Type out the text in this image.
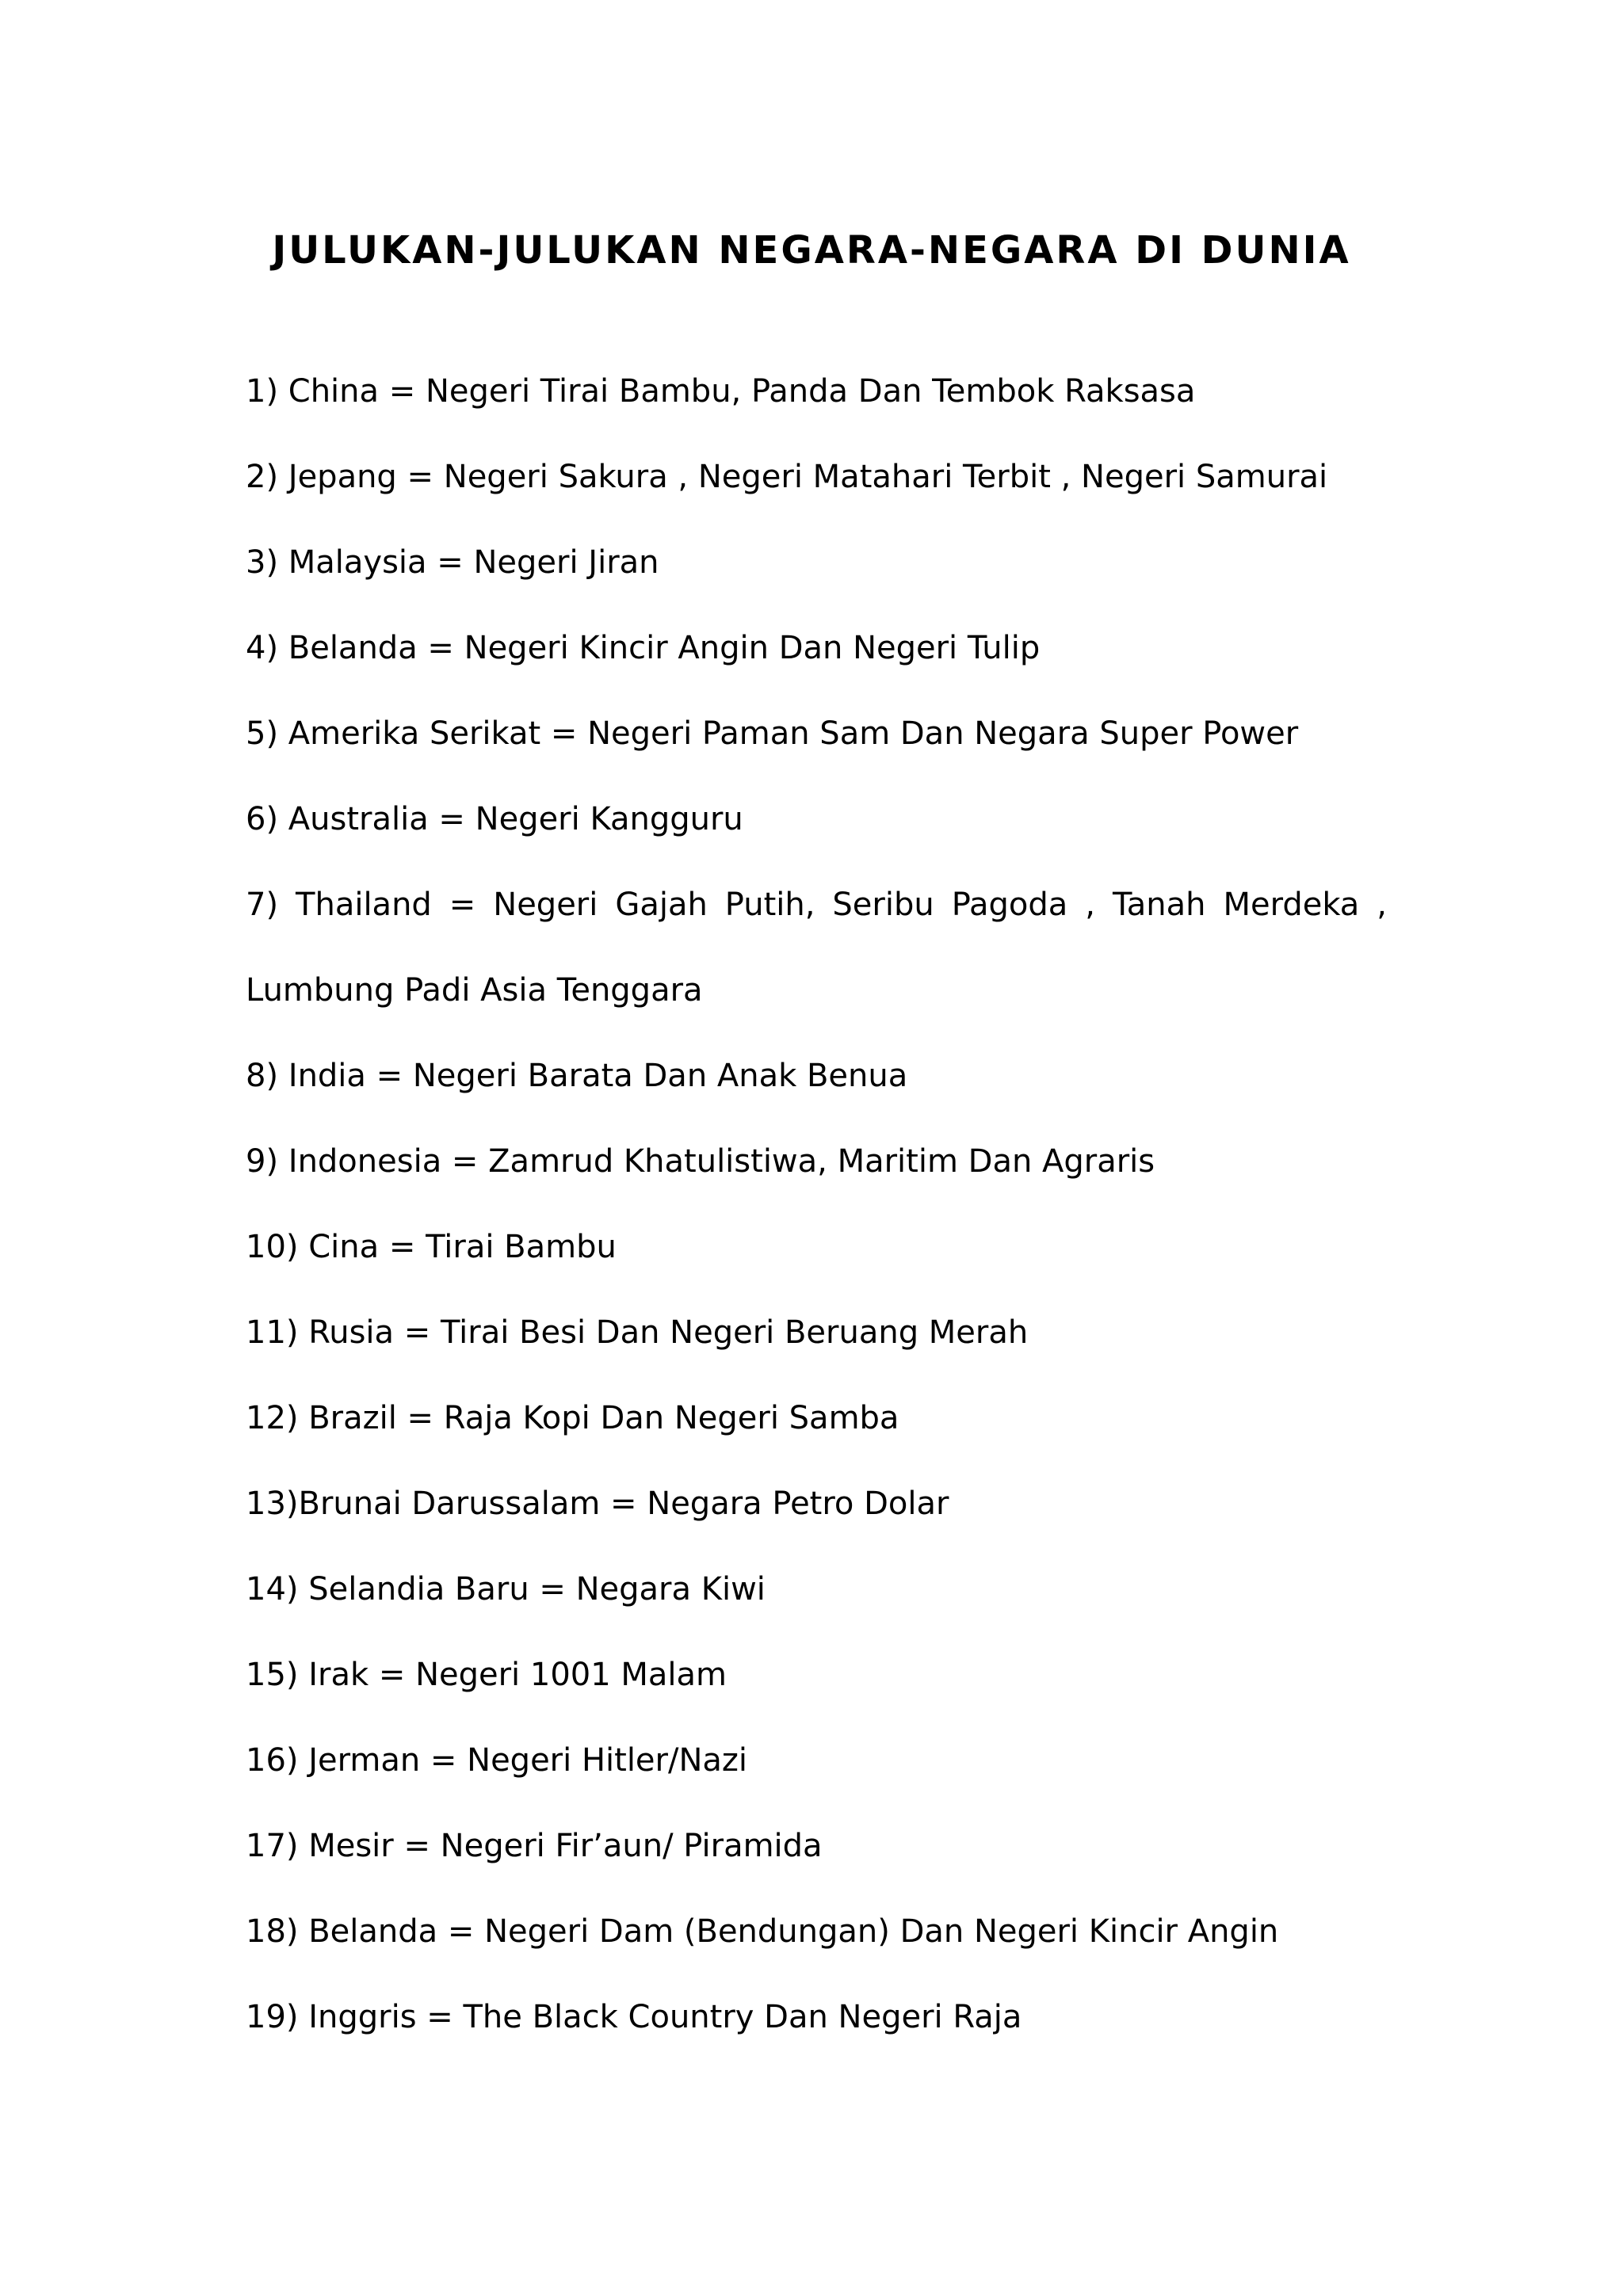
JULUKAN-JULUKAN NEGARA-NEGARA DI DUNIA
1) China = Negeri Tirai Bambu, Panda Dan Tembok Raksasa
2) Jepang = Negeri Sakura , Negeri Matahari Terbit , Negeri Samurai
3) Malaysia = Negeri Jiran
4) Belanda = Negeri Kincir Angin Dan Negeri Tulip
5) Amerika Serikat = Negeri Paman Sam Dan Negara Super Power
6) Australia = Negeri Kangguru
7) Thailand = Negeri Gajah Putih, Seribu Pagoda , Tanah Merdeka ,
Lumbung Padi Asia Tenggara
8) India = Negeri Barata Dan Anak Benua
9) Indonesia = Zamrud Khatulistiwa, Maritim Dan Agraris
10) Cina = Tirai Bambu
11) Rusia = Tirai Besi Dan Negeri Beruang Merah
12) Brazil = Raja Kopi Dan Negeri Samba
13)Brunai Darussalam = Negara Petro Dolar
14) Selandia Baru = Negara Kiwi
15) Irak = Negeri 1001 Malam
16) Jerman = Negeri Hitler/Nazi
17) Mesir = Negeri Fir’aun/ Piramida
18) Belanda = Negeri Dam (Bendungan) Dan Negeri Kincir Angin
19) Inggris = The Black Country Dan Negeri Raja
